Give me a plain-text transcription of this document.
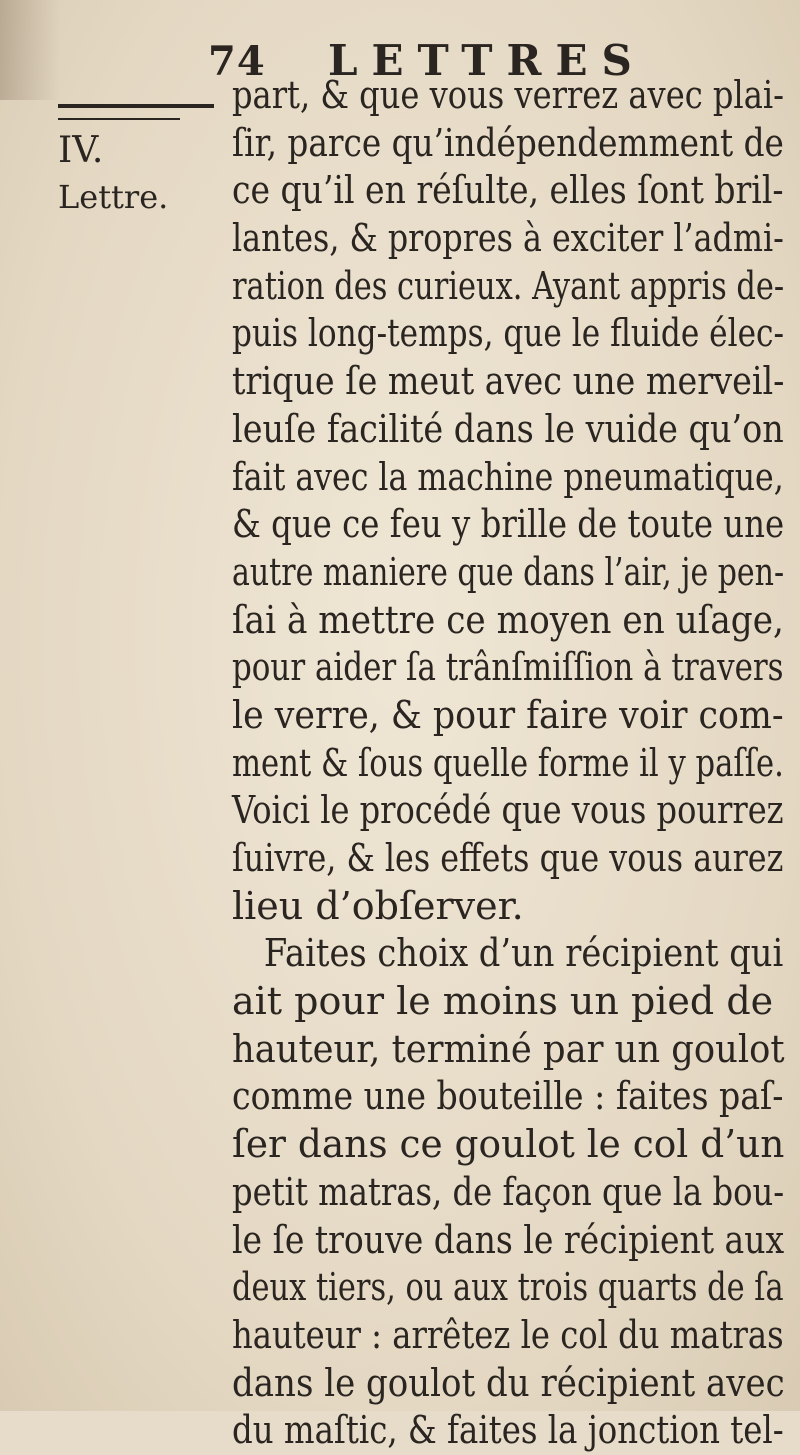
74 LETTRES
IV.
Lettre.
part, & que vous verrez avec plai-
ſir, parce qu’indépendemment de
ce qu’il en réſulte, elles ſont bril-
lantes, & propres à exciter l’admi-
ration des curieux. Ayant appris de-
puis long-temps, que le fluide élec-
trique ſe meut avec une merveil-
leuſe facilité dans le vuide qu’on
fait avec la machine pneumatique,
& que ce feu y brille de toute une
autre maniere que dans l’air, je pen-
ſai à mettre ce moyen en uſage,
pour aider ſa trânſmiſſion à travers
le verre, & pour faire voir com-
ment & ſous quelle forme il y paſſe.
Voici le procédé que vous pourrez
ſuivre, & les effets que vous aurez
lieu d’obſerver.
Faites choix d’un récipient qui
ait pour le moins un pied de
hauteur, terminé par un goulot
comme une bouteille : faites paſ-
ſer dans ce goulot le col d’un
petit matras, de façon que la bou-
le ſe trouve dans le récipient aux
deux tiers, ou aux trois quarts de ſa
hauteur : arrêtez le col du matras
dans le goulot du récipient avec
du maſtic, & faites la jonction tel-
